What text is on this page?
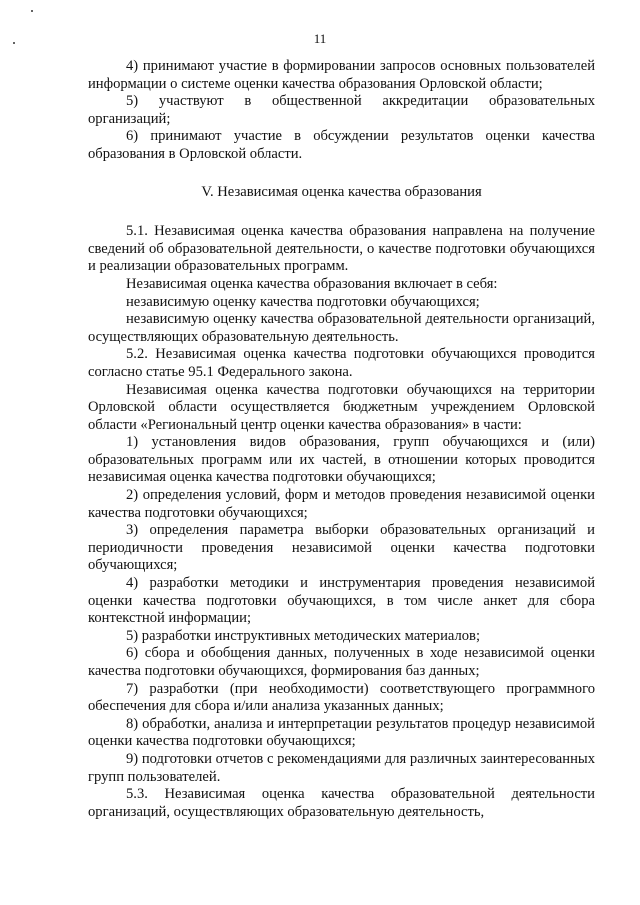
11

4) принимают участие в формировании запросов основных пользователей информации о системе оценки качества образования Орловской области;

5) участвуют в общественной аккредитации образовательных организаций;

6) принимают участие в обсуждении результатов оценки качества образования в Орловской области.

V. Независимая оценка качества образования

5.1. Независимая оценка качества образования направлена на получение сведений об образовательной деятельности, о качестве подготовки обучающихся и реализации образовательных программ.

Независимая оценка качества образования включает в себя:

независимую оценку качества подготовки обучающихся;

независимую оценку качества образовательной деятельности организаций, осуществляющих образовательную деятельность.

5.2. Независимая оценка качества подготовки обучающихся проводится согласно статье 95.1 Федерального закона.

Независимая оценка качества подготовки обучающихся на территории Орловской области осуществляется бюджетным учреждением Орловской области «Региональный центр оценки качества образования» в части:

1) установления видов образования, групп обучающихся и (или) образовательных программ или их частей, в отношении которых проводится независимая оценка качества подготовки обучающихся;

2) определения условий, форм и методов проведения независимой оценки качества подготовки обучающихся;

3) определения параметра выборки образовательных организаций и периодичности проведения независимой оценки качества подготовки обучающихся;

4) разработки методики и инструментария проведения независимой оценки качества подготовки обучающихся, в том числе анкет для сбора контекстной информации;

5) разработки инструктивных методических материалов;

6) сбора и обобщения данных, полученных в ходе независимой оценки качества подготовки обучающихся, формирования баз данных;

7) разработки (при необходимости) соответствующего программного обеспечения для сбора и/или анализа указанных данных;

8) обработки, анализа и интерпретации результатов процедур независимой оценки качества подготовки обучающихся;

9) подготовки отчетов с рекомендациями для различных заинтересованных групп пользователей.

5.3. Независимая оценка качества образовательной деятельности организаций, осуществляющих образовательную деятельность,
